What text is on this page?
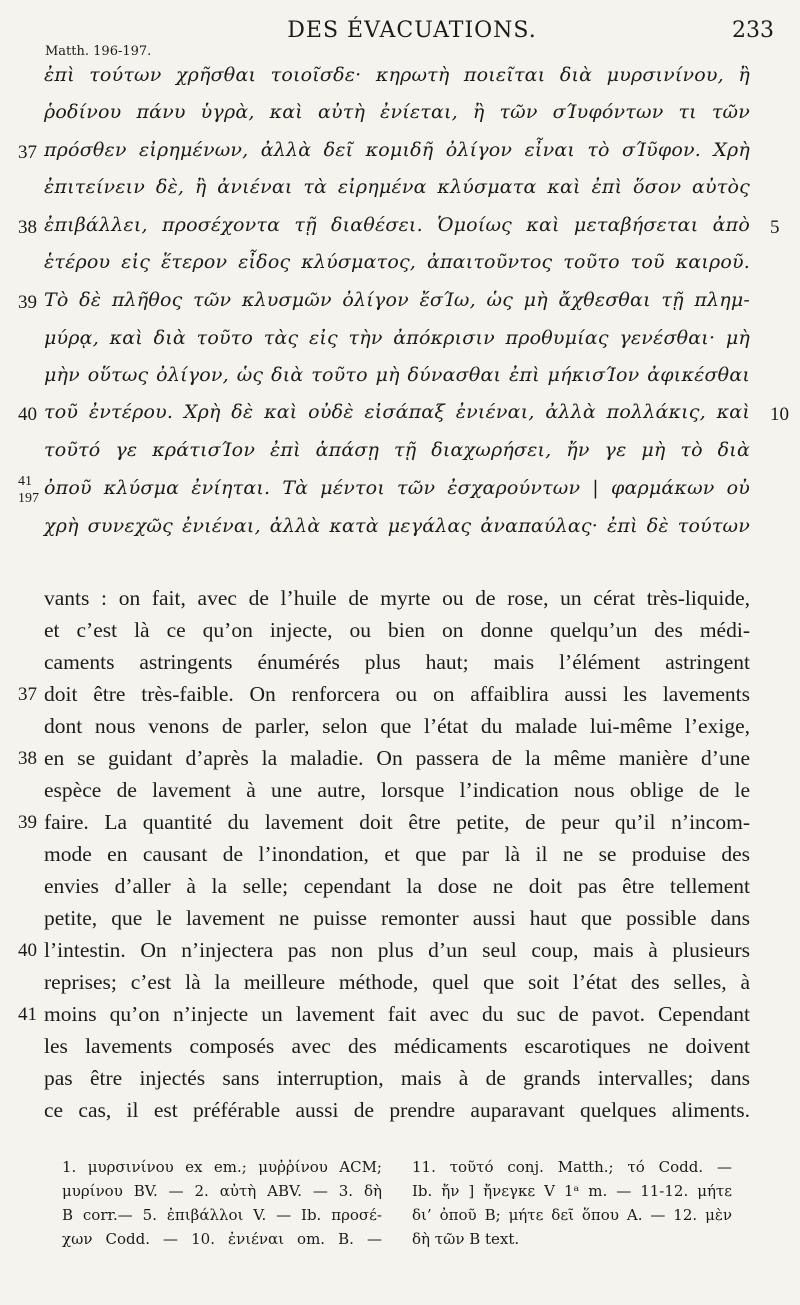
DES ÉVACUATIONS.	233
Matth. 196-197.
ἐπὶ τούτων χρῆσθαι τοιοῖσδε· κηρωτὴ ποιεῖται διὰ μυρσινίνου, ἢ
ῥοδίνου πάνυ ὑγρὰ, καὶ αὐτὴ ἐνίεται, ἢ τῶν σΊυφόντων τι τῶν
πρόσθεν εἰρημένων, ἀλλὰ δεῖ κομιδῆ ὀλίγον εἶναι τὸ σΊῦφον. Χρὴ
ἐπιτείνειν δὲ, ἢ ἀνιέναι τὰ εἰρημένα κλύσματα καὶ ἐπὶ ὅσον αὐτὸς
ἐπιβάλλει, προσέχοντα τῇ διαθέσει. Ὁμοίως καὶ μεταβήσεται ἀπὸ
ἑτέρου εἰς ἕτερον εἶδος κλύσματος, ἀπαιτοῦντος τοῦτο τοῦ καιροῦ.
Τὸ δὲ πλῆθος τῶν κλυσμῶν ὀλίγον ἔσΊω, ὡς μὴ ἄχθεσθαι τῇ πλημ-
μύρᾳ, καὶ διὰ τοῦτο τὰς εἰς τὴν ἀπόκρισιν προθυμίας γενέσθαι· μὴ
μὴν οὕτως ὀλίγον, ὡς διὰ τοῦτο μὴ δύνασθαι ἐπὶ μήκισΊον ἀφικέσθαι
τοῦ ἐντέρου. Χρὴ δὲ καὶ οὐδὲ εἰσάπαξ ἐνιέναι, ἀλλὰ πολλάκις, καὶ
τοῦτό γε κράτισΊον ἐπὶ ἁπάσῃ τῇ διαχωρήσει, ἤν γε μὴ τὸ διὰ
ὀποῦ κλύσμα ἐνίηται. Τὰ μέντοι τῶν ἐσχαρούντων | φαρμάκων οὐ
χρὴ συνεχῶς ἐνιέναι, ἀλλὰ κατὰ μεγάλας ἀναπαύλας· ἐπὶ δὲ τούτων
37
38
39
40
41
197
5
10
vants : on fait, avec de l’huile de myrte ou de rose, un cérat très-liquide,
et c’est là ce qu’on injecte, ou bien on donne quelqu’un des médi-
caments astringents énumérés plus haut; mais l’élément astringent
doit être très-faible. On renforcera ou on affaiblira aussi les lavements
dont nous venons de parler, selon que l’état du malade lui-même l’exige,
en se guidant d’après la maladie. On passera de la même manière d’une
espèce de lavement à une autre, lorsque l’indication nous oblige de le
faire. La quantité du lavement doit être petite, de peur qu’il n’incom-
mode en causant de l’inondation, et que par là il ne se produise des
envies d’aller à la selle; cependant la dose ne doit pas être tellement
petite, que le lavement ne puisse remonter aussi haut que possible dans
l’intestin. On n’injectera pas non plus d’un seul coup, mais à plusieurs
reprises; c’est là la meilleure méthode, quel que soit l’état des selles, à
moins qu’on n’injecte un lavement fait avec du suc de pavot. Cependant
les lavements composés avec des médicaments escarotiques ne doivent
pas être injectés sans interruption, mais à de grands intervalles; dans
ce cas, il est préférable aussi de prendre auparavant quelques aliments.
37
38
39
40
41
1. μυρσινίνου ex em.; μυῤῥίνου ACM;
μυρίνου BV. — 2. αὐτὴ ABV. — 3. δὴ
B corr.— 5. ἐπιβάλλοι V. — Ib. προσέ-
χων Codd. — 10. ἐνιέναι om. B. —
11. τοῦτό conj. Matth.; τό Codd. —
Ib. ἤν ] ἤνεγκε V 1ᵃ m. — 11-12. μήτε
δι’ ὀποῦ B; μήτε δεῖ ὅπου A. — 12. μὲν
δὴ τῶν B text.
